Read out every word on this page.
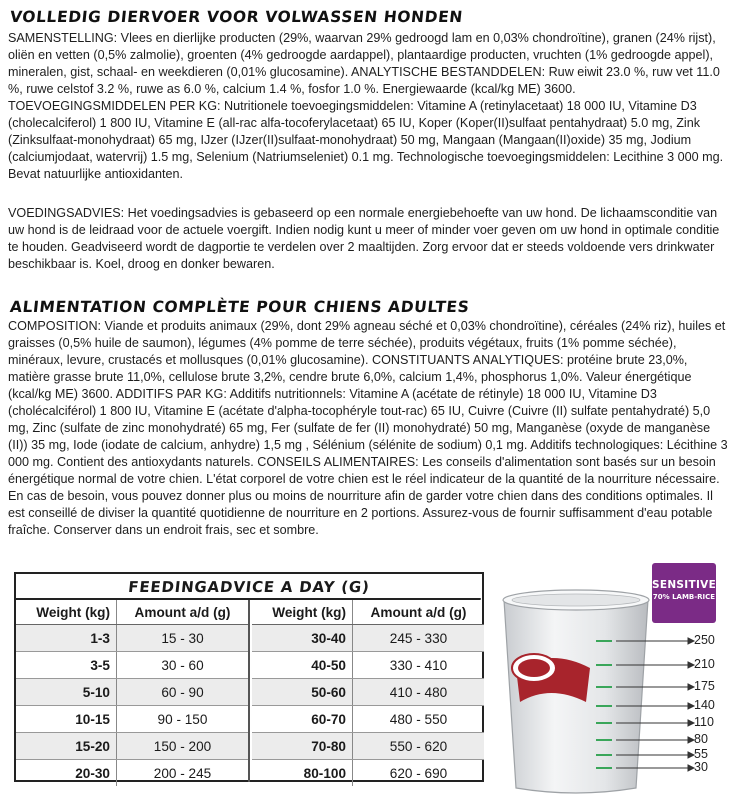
VOLLEDIG DIERVOER VOOR VOLWASSEN HONDEN

SAMENSTELLING: Vlees en dierlijke producten (29%, waarvan 29% gedroogd lam en 0,03% chondroïtine), granen (24% rijst), oliën en vetten (0,5% zalmolie), groenten (4% gedroogde aardappel), plantaardige producten, vruchten (1% gedroogde appel), mineralen, gist, schaal- en weekdieren (0,01% glucosamine). ANALYTISCHE BESTANDDELEN: Ruw eiwit 23.0 %, ruw vet 11.0 %, ruwe celstof 3.2 %, ruwe as 6.0 %, calcium 1.4 %, fosfor 1.0 %. Energiewaarde (kcal/kg ME) 3600. TOEVOEGINGSMIDDELEN PER KG: Nutritionele toevoegingsmiddelen: Vitamine A (retinylacetaat) 18 000 IU, Vitamine D3 (cholecalciferol) 1 800 IU, Vitamine E (all-rac alfa-tocoferylacetaat) 65 IU, Koper (Koper(II)sulfaat pentahydraat) 5.0 mg, Zink (Zinksulfaat-monohydraat) 65 mg, IJzer (IJzer(II)sulfaat-monohydraat) 50 mg, Mangaan (Mangaan(II)oxide) 35 mg, Jodium (calciumjodaat, watervrij) 1.5 mg, Selenium (Natriumseleniet) 0.1 mg. Technologische toevoegingsmiddelen: Lecithine 3 000 mg. Bevat natuurlijke antioxidanten.

VOEDINGSADVIES: Het voedingsadvies is gebaseerd op een normale energiebehoefte van uw hond. De lichaamsconditie van uw hond is de leidraad voor de actuele voergift. Indien nodig kunt u meer of minder voer geven om uw hond in optimale conditie te houden. Geadviseerd wordt de dagportie te verdelen over 2 maaltijden. Zorg ervoor dat er steeds voldoende vers drinkwater beschikbaar is. Koel, droog en donker bewaren.

ALIMENTATION COMPLÈTE POUR CHIENS ADULTES

COMPOSITION: Viande et produits animaux (29%, dont 29% agneau séché et 0,03% chondroïtine), céréales (24% riz), huiles et graisses (0,5% huile de saumon), légumes (4% pomme de terre séchée), produits végétaux, fruits (1% pomme séchée), minéraux, levure, crustacés et mollusques (0,01% glucosamine). CONSTITUANTS ANALYTIQUES: protéine brute 23,0%, matière grasse brute 11,0%, cellulose brute 3,2%, cendre brute 6,0%, calcium 1,4%, phosphorus 1,0%. Valeur énergétique (kcal/kg ME) 3600. ADDITIFS PAR KG: Additifs nutritionnels: Vitamine A (acétate de rétinyle) 18 000 IU, Vitamine D3 (cholécalciférol) 1 800 IU, Vitamine E (acétate d'alpha-tocophéryle tout-rac) 65 IU, Cuivre (Cuivre (II) sulfate pentahydraté) 5,0 mg, Zinc (sulfate de zinc monohydraté) 65 mg, Fer (sulfate de fer (II) monohydraté) 50 mg, Manganèse (oxyde de manganèse (II)) 35 mg, Iode (iodate de calcium, anhydre) 1,5 mg , Sélénium (sélénite de sodium) 0,1 mg. Additifs technologiques: Lécithine 3 000 mg. Contient des antioxydants naturels. CONSEILS ALIMENTAIRES: Les conseils d'alimentation sont basés sur un besoin énergétique normal de votre chien. L'état corporel de votre chien est le réel indicateur de la quantité de la nourriture nécessaire. En cas de besoin, vous pouvez donner plus ou moins de nourriture afin de garder votre chien dans des conditions optimales. Il est conseillé de diviser la quantité quotidienne de nourriture en 2 portions. Assurez-vous de fournir suffisamment d'eau potable fraîche. Conserver dans un endroit frais, sec et sombre.

FEEDINGADVICE A DAY (G)
Weight (kg)	Amount a/d (g)
1-3	15 - 30
3-5	30 - 60
5-10	60 - 90
10-15	90 - 150
15-20	150 - 200
20-30	200 - 245
Weight (kg)	Amount a/d (g)
30-40	245 - 330
40-50	330 - 410
50-60	410 - 480
60-70	480 - 550
70-80	550 - 620
80-100	620 - 690
SENSITIVE
70% LAMB-RICE
250
210
175
140
110
80
55
30
